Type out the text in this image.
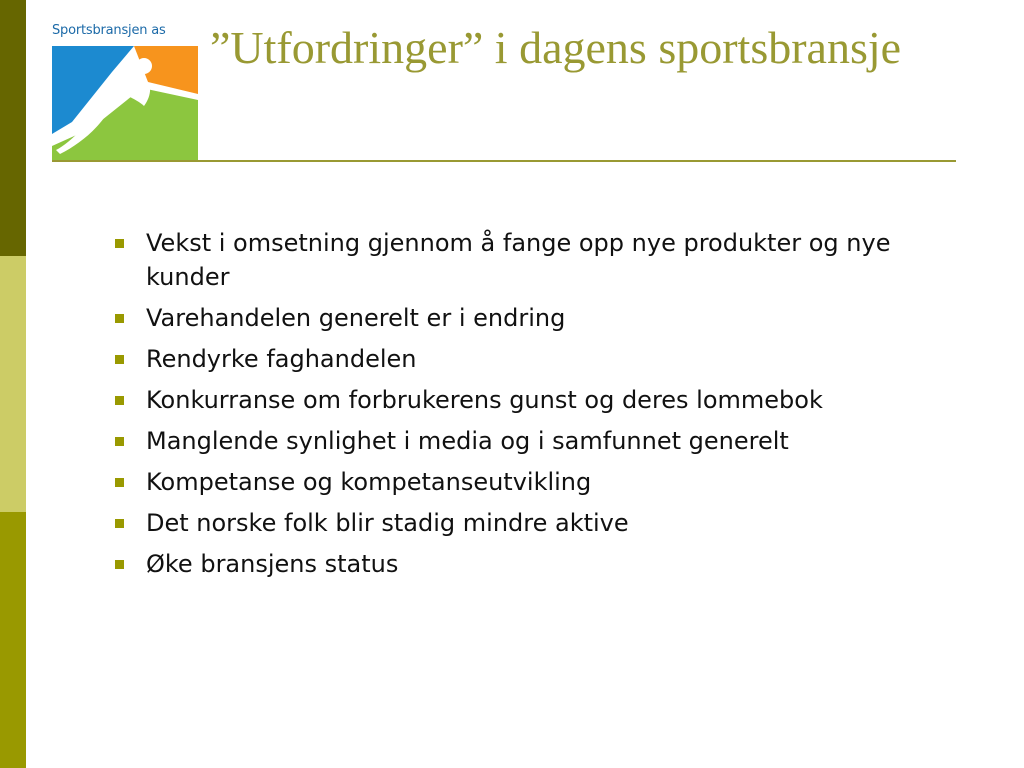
Sportsbransjen as ”Utfordringer” i dagens sportsbransje
Vekst i omsetning gjennom å fange opp nye produkter og nye kunder
Varehandelen generelt er i endring
Rendyrke faghandelen
Konkurranse om forbrukerens gunst og deres lommebok
Manglende synlighet i media og i samfunnet generelt
Kompetanse og kompetanseutvikling
Det norske folk blir stadig mindre aktive
Øke bransjens status
